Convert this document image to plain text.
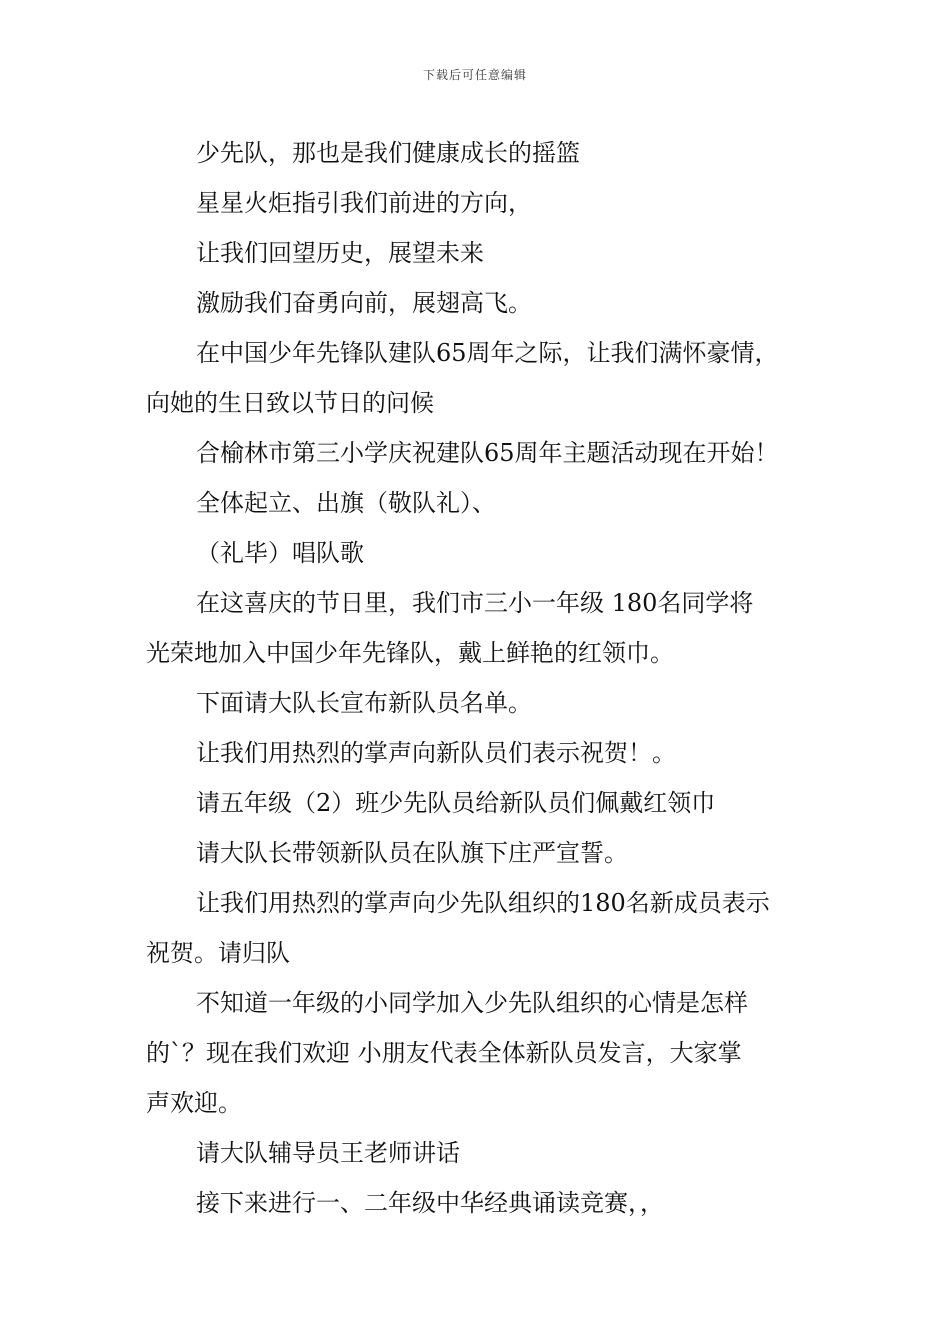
下载后可任意编辑

少先队，那也是我们健康成长的摇篮

星星火炬指引我们前进的方向，

让我们回望历史，展望未来

激励我们奋勇向前，展翅高飞。

在中国少年先锋队建队65周年之际，让我们满怀豪情，

向她的生日致以节日的问候

合榆林市第三小学庆祝建队65周年主题活动现在开始！

全体起立、出旗（敬队礼）、

（礼毕）唱队歌

在这喜庆的节日里，我们市三小一年级 180名同学将

光荣地加入中国少年先锋队，戴上鲜艳的红领巾。

下面请大队长宣布新队员名单。

让我们用热烈的掌声向新队员们表示祝贺！。

请五年级（2）班少先队员给新队员们佩戴红领巾

请大队长带领新队员在队旗下庄严宣誓。

让我们用热烈的掌声向少先队组织的180名新成员表示

祝贺。请归队

不知道一年级的小同学加入少先队组织的心情是怎样

的`？现在我们欢迎 小朋友代表全体新队员发言，大家掌

声欢迎。

请大队辅导员王老师讲话

接下来进行一、二年级中华经典诵读竞赛，，
